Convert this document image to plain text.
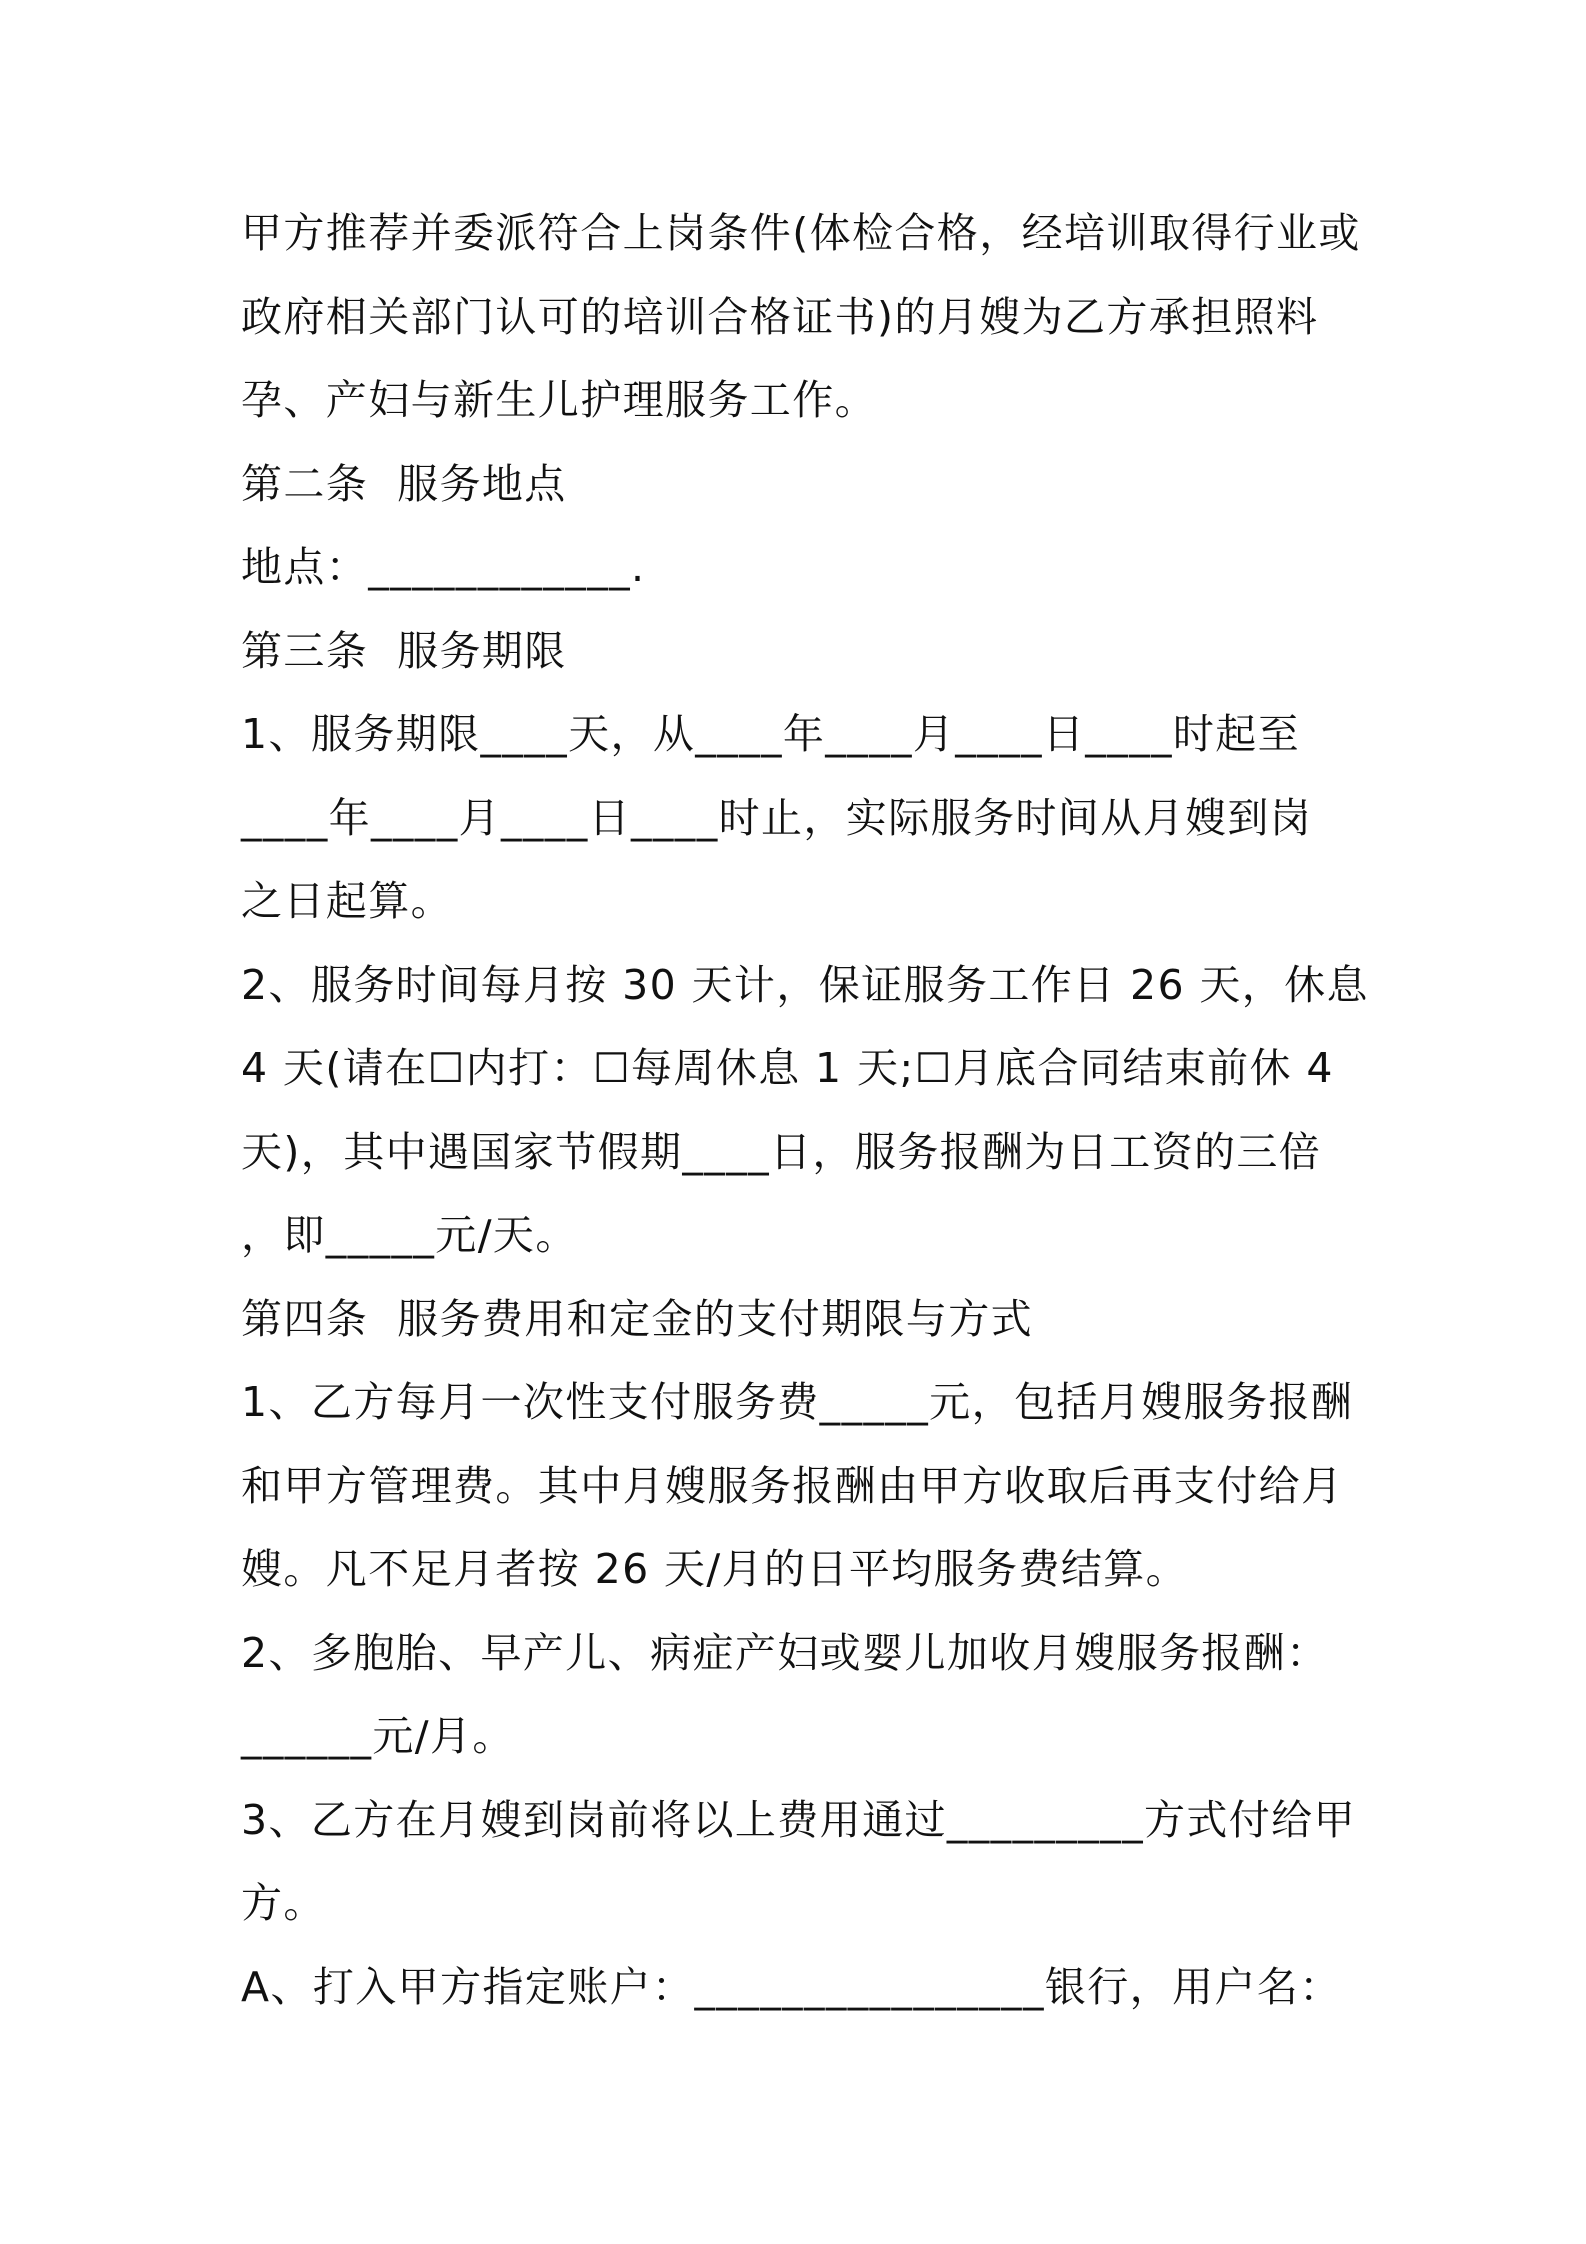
甲方推荐并委派符合上岗条件(体检合格，经培训取得行业或
政府相关部门认可的培训合格证书)的月嫂为乙方承担照料
孕、产妇与新生儿护理服务工作。
第二条  服务地点
地点：____________.
第三条  服务期限
1、服务期限____天，从____年____月____日____时起至
____年____月____日____时止，实际服务时间从月嫂到岗
之日起算。
2、服务时间每月按 30 天计，保证服务工作日 26 天，休息
4 天(请在☐内打：☐每周休息 1 天;☐月底合同结束前休 4
天)，其中遇国家节假期____日，服务报酬为日工资的三倍
，即_____元/天。
第四条  服务费用和定金的支付期限与方式
1、乙方每月一次性支付服务费_____元，包括月嫂服务报酬
和甲方管理费。其中月嫂服务报酬由甲方收取后再支付给月
嫂。凡不足月者按 26 天/月的日平均服务费结算。
2、多胞胎、早产儿、病症产妇或婴儿加收月嫂服务报酬：
______元/月。
3、乙方在月嫂到岗前将以上费用通过_________方式付给甲
方。
A、打入甲方指定账户：________________银行，用户名：
